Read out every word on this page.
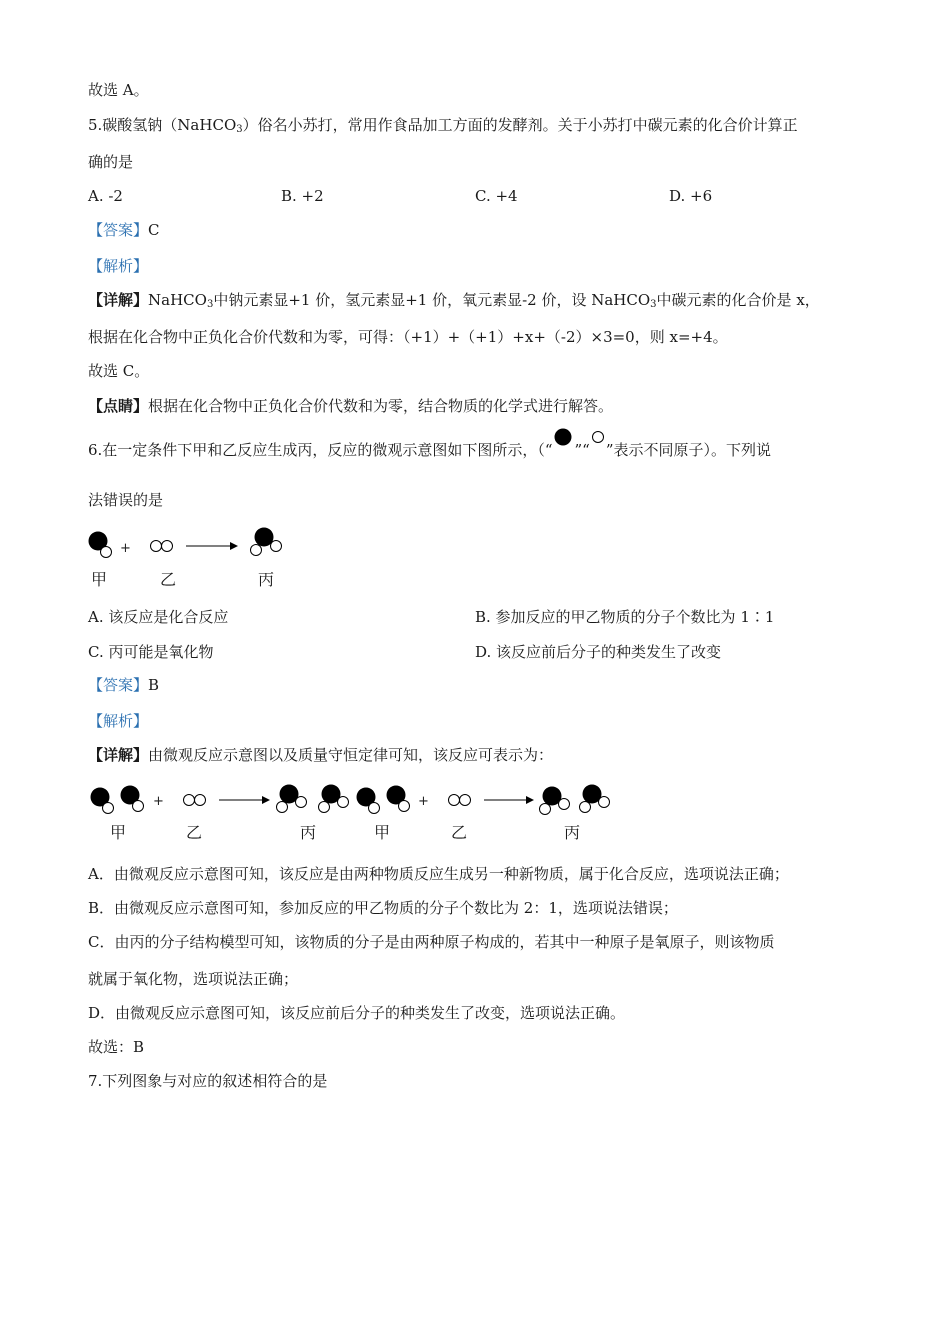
故选 A。
5.碳酸氢钠（NaHCO$_3$）俗名小苏打，常用作食品加工方面的发酵剂。关于小苏打中碳元素的化合价计算正
确的是
A. -2	B. +2	C. +4	D. +6
【答案】C
【解析】
【详解】NaHCO$_3$中钠元素显+1 价，氢元素显+1 价，氧元素显-2 价，设 NaHCO$_3$中碳元素的化合价是 x，
根据在化合物中正负化合价代数和为零，可得：（+1）+（+1）+x+（-2）×3=0，则 x=+4。
故选 C。
【点睛】根据在化合物中正负化合价代数和为零，结合物质的化学式进行解答。
6.在一定条件下甲和乙反应生成丙，反应的微观示意图如下图所示，（“ ”“ ”表示不同原子）。下列说
法错误的是
+
甲	乙	丙
A. 该反应是化合反应	B. 参加反应的甲乙物质的分子个数比为 1∶1
C. 丙可能是氧化物	D. 该反应前后分子的种类发生了改变
【答案】B
【解析】
【详解】由微观反应示意图以及质量守恒定律可知，该反应可表示为：
+	+
甲	乙	丙	甲	乙	丙
A．由微观反应示意图可知，该反应是由两种物质反应生成另一种新物质，属于化合反应，选项说法正确；
B．由微观反应示意图可知，参加反应的甲乙物质的分子个数比为 2：1，选项说法错误；
C．由丙的分子结构模型可知，该物质的分子是由两种原子构成的，若其中一种原子是氧原子，则该物质
就属于氧化物，选项说法正确；
D．由微观反应示意图可知，该反应前后分子的种类发生了改变，选项说法正确。
故选：B
7.下列图象与对应的叙述相符合的是
